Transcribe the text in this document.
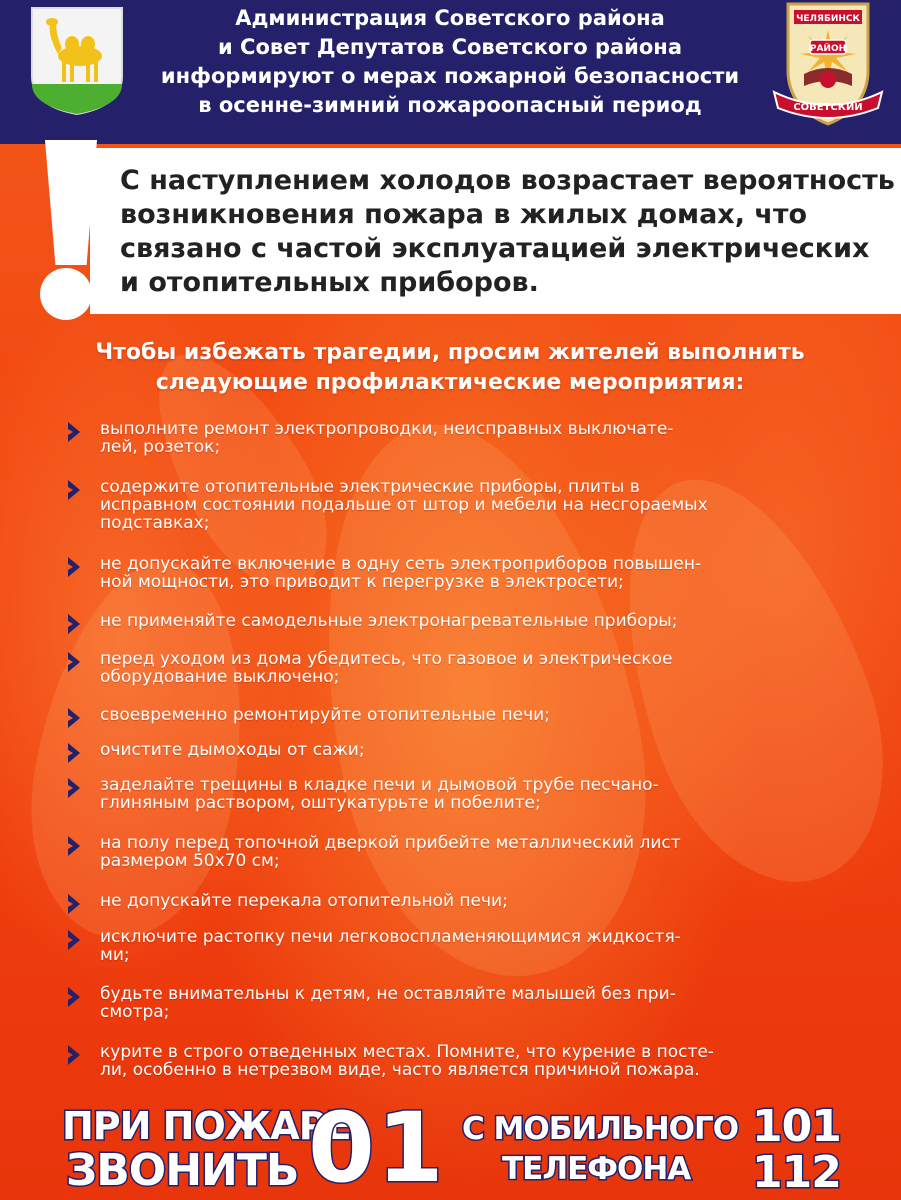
Администрация Советского района
и Совет Депутатов Советского района
информируют о мерах пожарной безопасности
в осенне-зимний пожароопасный период
ЧЕЛЯБИНСК
РАЙОН
СОВЕТСКИЙ
С наступлением холодов возрастает вероятность
возникновения пожара в жилых домах, что
связано с частой эксплуатацией электрических
и отопительных приборов.
Чтобы избежать трагедии, просим жителей выполнить
следующие профилактические мероприятия:
выполните ремонт электропроводки, неисправных выключате-
лей, розеток;
содержите отопительные электрические приборы, плиты в
исправном состоянии подальше от штор и мебели на несгораемых
подставках;
не допускайте включение в одну сеть электроприборов повышен-
ной мощности, это приводит к перегрузке в электросети;
не применяйте самодельные электронагревательные приборы;
перед уходом из дома убедитесь, что газовое и электрическое
оборудование выключено;
своевременно ремонтируйте отопительные печи;
очистите дымоходы от сажи;
заделайте трещины в кладке печи и дымовой трубе песчано-
глиняным раствором, оштукатурьте и побелите;
на полу перед топочной дверкой прибейте металлический лист
размером 50х70 см;
не допускайте перекала отопительной печи;
исключите растопку печи легковоспламеняющимися жидкостя-
ми;
будьте внимательны к детям, не оставляйте малышей без при-
смотра;
курите в строго отведенных местах. Помните, что курение в посте-
ли, особенно в нетрезвом виде, часто является причиной пожара.
ПРИ ПОЖАРЕ
ЗВОНИТЬ 01 С МОБИЛЬНОГО
ТЕЛЕФОНА
101
112
